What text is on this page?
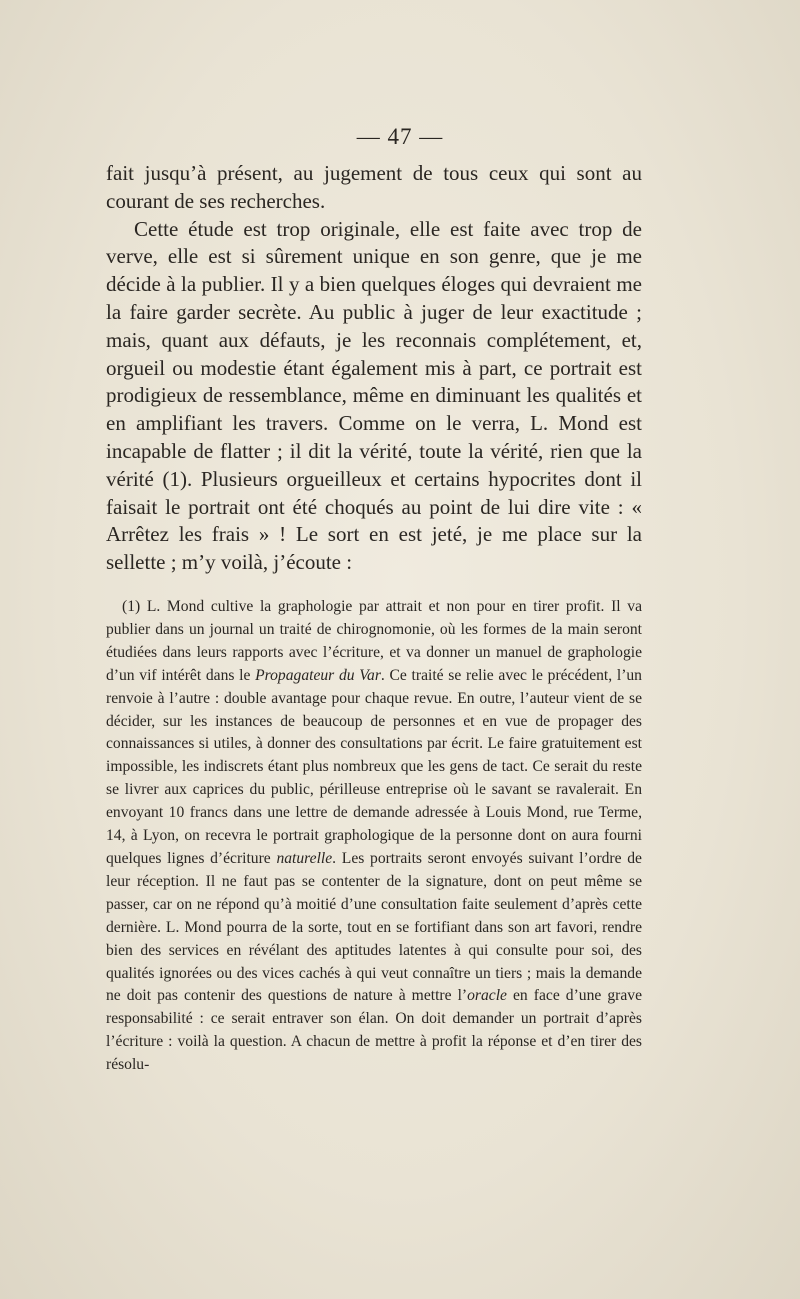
— 47 —

fait jusqu’à présent, au jugement de tous ceux qui sont au courant de ses recherches.

Cette étude est trop originale, elle est faite avec trop de verve, elle est si sûrement unique en son genre, que je me décide à la publier. Il y a bien quelques éloges qui devraient me la faire garder secrète. Au public à juger de leur exactitude ; mais, quant aux défauts, je les reconnais complétement, et, orgueil ou modestie étant également mis à part, ce portrait est prodigieux de ressemblance, même en diminuant les qualités et en amplifiant les travers. Comme on le verra, L. Mond est incapable de flatter ; il dit la vérité, toute la vérité, rien que la vérité (1). Plusieurs orgueilleux et certains hypocrites dont il faisait le portrait ont été choqués au point de lui dire vite : « Arrêtez les frais » ! Le sort en est jeté, je me place sur la sellette ; m’y voilà, j’écoute :

(1) L. Mond cultive la graphologie par attrait et non pour en tirer profit. Il va publier dans un journal un traité de chirognomonie, où les formes de la main seront étudiées dans leurs rapports avec l’écriture, et va donner un manuel de graphologie d’un vif intérêt dans le Propagateur du Var. Ce traité se relie avec le précédent, l’un renvoie à l’autre : double avantage pour chaque revue. En outre, l’auteur vient de se décider, sur les instances de beaucoup de personnes et en vue de propager des connaissances si utiles, à donner des consultations par écrit. Le faire gratuitement est impossible, les indiscrets étant plus nombreux que les gens de tact. Ce serait du reste se livrer aux caprices du public, périlleuse entreprise où le savant se ravalerait. En envoyant 10 francs dans une lettre de demande adressée à Louis Mond, rue Terme, 14, à Lyon, on recevra le portrait graphologique de la personne dont on aura fourni quelques lignes d’écriture naturelle. Les portraits seront envoyés suivant l’ordre de leur réception. Il ne faut pas se contenter de la signature, dont on peut même se passer, car on ne répond qu’à moitié d’une consultation faite seulement d’après cette dernière. L. Mond pourra de la sorte, tout en se fortifiant dans son art favori, rendre bien des services en révélant des aptitudes latentes à qui consulte pour soi, des qualités ignorées ou des vices cachés à qui veut connaître un tiers ; mais la demande ne doit pas contenir des questions de nature à mettre l’oracle en face d’une grave responsabilité : ce serait entraver son élan. On doit demander un portrait d’après l’écriture : voilà la question. A chacun de mettre à profit la réponse et d’en tirer des résolu-
